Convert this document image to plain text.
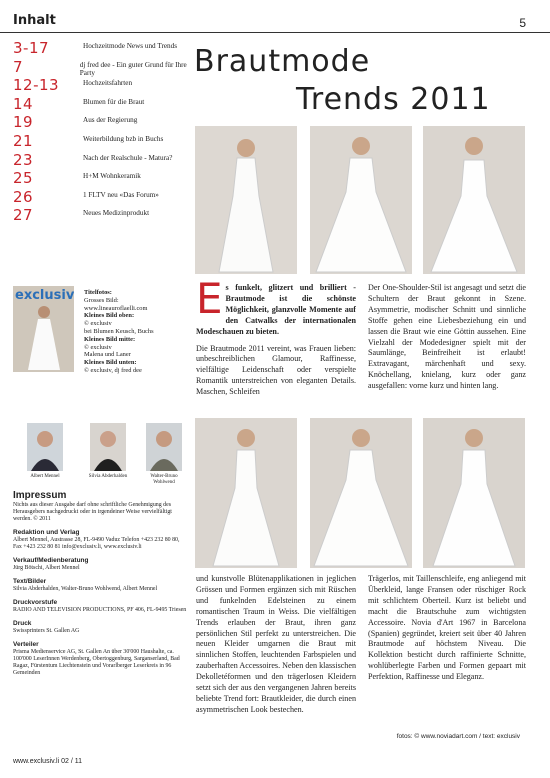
Inhalt	5
3-17	Hochzeitmode News und Trends
7	dj fred dee - Ein guter Grund für Ihre Party
12-13	Hochzeitsfahrten
14	Blumen für die Braut
19	Aus der Regierung
21	Weiterbildung bzb in Buchs
23	Nach der Realschule - Matura?
25	H+M Wohnkeramik
26	1 FLTV neu «Das Forum»
27	Neues Medizinprodukt
Brautmode
Trends 2011
exclusiv Titelfotos:
Grosses Bild:
www.lineauroflaelli.com
Kleines Bild oben:
© exclusiv
bei Blumen Keusch, Buchs
Kleines Bild mitte:
© exclusiv
Malena und Laner
Kleines Bild unten:
© exclusiv, dj fred dee
Albert Mennel	Silvia Abderhalden	Walter-Bruno Wohlwend
Impressum
Nichts aus dieser Ausgabe darf ohne schriftliche Genehmigung des Herausgebers nachgedruckt oder in irgendeiner Weise vervielfältigt werden. © 2011
Redaktion und Verlag
Albert Mennel, Austrasse 28, FL-9490 Vaduz Telefon +423 232 80 80, Fax +423 232 80 81 info@exclusiv.li, www.exclusiv.li
Verkauf/Medienberatung
Jürg Bötschi, Albert Mennel
Text/Bilder
Silvia Abderhalden, Walter-Bruno Wohlwend, Albert Mennel
Druckvorstufe
RADIO AND TELEVISION PRODUCTIONS, PF 406, FL-9495 Triesen
Druck
Swissprinters St. Gallen AG
Verteiler
Prisma Medienservice AG, St. Gallen An über 30'000 Haushalte, ca. 100'000 LeserInnen Werdenberg, Obertoggenburg, Sarganserland, Bad Ragaz, Fürstentum Liechtenstein und Vorarlberger Leserkreis in 96 Gemeinden
E s funkelt, glitzert und brilliert - Brautmode ist die schönste Möglichkeit, glanzvolle Momente auf den Catwalks der internationalen Modeschauen zu bieten.
Die Brautmode 2011 vereint, was Frauen lieben: unbeschreiblichen Glamour, Raffinesse, vielfältige Leidenschaft oder verspielte Romantik unterstreichen von eleganten Details. Maschen, Schleifen
Der One-Shoulder-Stil ist angesagt und setzt die Schultern der Braut gekonnt in Szene. Asymmetrie, modischer Schnitt und sinnliche Stoffe gehen eine Liebesbeziehung ein und lassen die Braut wie eine Göttin aussehen. Eine Vielzahl der Modedesigner spielt mit der Saumlänge, Beinfreiheit ist erlaubt! Extravagant, märchenhaft und sexy. Knöchellang, knielang, kurz oder ganz ausgefallen: vorne kurz und hinten lang.
und kunstvolle Blütenapplikationen in jeglichen Grössen und Formen ergänzen sich mit Rüschen und funkelnden Edelsteinen zu einem romantischen Traum in Weiss. Die vielfältigen Trends erlauben der Braut, ihren ganz persönlichen Stil perfekt zu unterstreichen. Die neuen Kleider umgarnen die Braut mit sinnlichen Stoffen, leuchtenden Farbspielen und zauberhaften Accessoires. Neben den klassischen Dekolletéformen und den trägerlosen Kleidern setzt sich der aus den vergangenen Jahren bereits beliebte Trend fort: Brautkleider, die durch einen asymmetrischen Look bestechen.
Trägerlos, mit Taillenschleife, eng anliegend mit Überkleid, lange Fransen oder rüschiger Rock mit schlichtem Oberteil. Kurz ist beliebt und macht die Brautschuhe zum wichtigsten Accessoire. Novia d'Art 1967 in Barcelona (Spanien) gegründet, kreiert seit über 40 Jahren Brautmode auf höchstem Niveau. Die Kollektion besticht durch raffinierte Schnitte, wohlüberlegte Farben und Formen gepaart mit Perfektion, Raffinesse und Eleganz.
fotos: © www.noviadart.com / text: exclusiv
www.exclusiv.li 02 / 11
